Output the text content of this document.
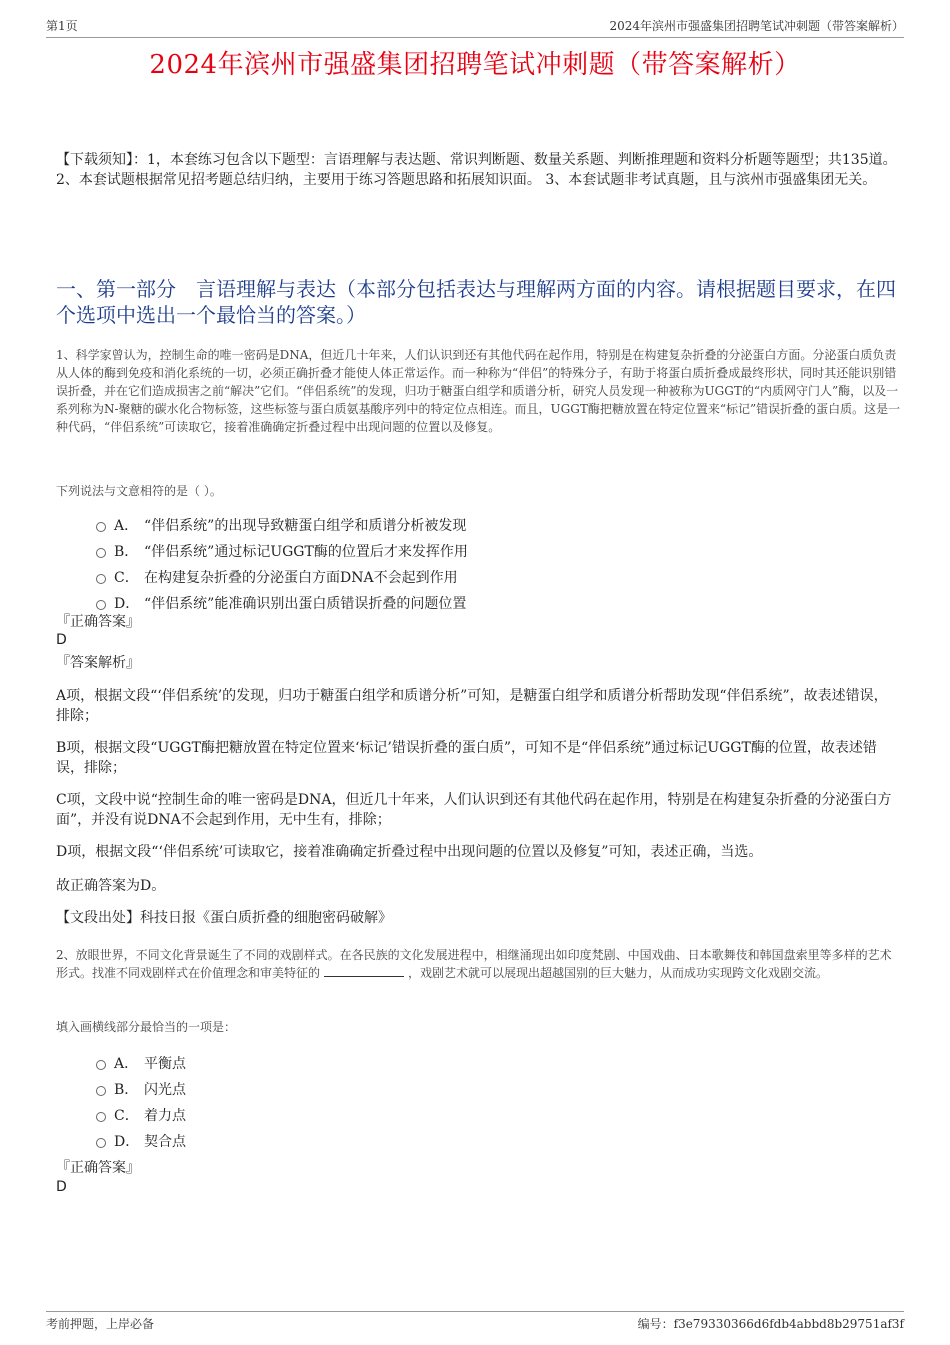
第1页	2024年滨州市强盛集团招聘笔试冲刺题（带答案解析）
2024年滨州市强盛集团招聘笔试冲刺题（带答案解析）
【下载须知】：1，本套练习包含以下题型：言语理解与表达题、常识判断题、数量关系题、判断推理题和资料分析题等题型；共135道。 2、本套试题根据常见招考题总结归纳，主要用于练习答题思路和拓展知识面。 3、本套试题非考试真题，且与滨州市强盛集团无关。
一、第一部分　言语理解与表达（本部分包括表达与理解两方面的内容。请根据题目要求，在四个选项中选出一个最恰当的答案。）
1、科学家曾认为，控制生命的唯一密码是DNA，但近几十年来，人们认识到还有其他代码在起作用，特别是在构建复杂折叠的分泌蛋白方面。分泌蛋白质负责从人体的酶到免疫和消化系统的一切，必须正确折叠才能使人体正常运作。而一种称为“伴侣”的特殊分子，有助于将蛋白质折叠成最终形状，同时其还能识别错误折叠，并在它们造成损害之前“解决”它们。“伴侣系统”的发现，归功于糖蛋白组学和质谱分析，研究人员发现一种被称为UGGT的“内质网守门人”酶，以及一系列称为N-聚糖的碳水化合物标签，这些标签与蛋白质氨基酸序列中的特定位点相连。而且，UGGT酶把糖放置在特定位置来“标记”错误折叠的蛋白质。这是一种代码，“伴侣系统”可读取它，接着准确确定折叠过程中出现问题的位置以及修复。
下列说法与文意相符的是（ ）。
A． “伴侣系统”的出现导致糖蛋白组学和质谱分析被发现
B． “伴侣系统”通过标记UGGT酶的位置后才来发挥作用
C． 在构建复杂折叠的分泌蛋白方面DNA不会起到作用
D． “伴侣系统”能准确识别出蛋白质错误折叠的问题位置
『正确答案』
D
『答案解析』
A项，根据文段“‘伴侣系统’的发现，归功于糖蛋白组学和质谱分析”可知，是糖蛋白组学和质谱分析帮助发现“伴侣系统”，故表述错误，排除；
B项，根据文段“UGGT酶把糖放置在特定位置来‘标记’错误折叠的蛋白质”，可知不是“伴侣系统”通过标记UGGT酶的位置，故表述错误，排除；
C项，文段中说“控制生命的唯一密码是DNA，但近几十年来，人们认识到还有其他代码在起作用，特别是在构建复杂折叠的分泌蛋白方面”，并没有说DNA不会起到作用，无中生有，排除；
D项，根据文段“‘伴侣系统’可读取它，接着准确确定折叠过程中出现问题的位置以及修复”可知，表述正确，当选。
故正确答案为D。
【文段出处】科技日报《蛋白质折叠的细胞密码破解》
2、放眼世界，不同文化背景诞生了不同的戏剧样式。在各民族的文化发展进程中，相继涌现出如印度梵剧、中国戏曲、日本歌舞伎和韩国盘索里等多样的艺术形式。找准不同戏剧样式在价值理念和审美特征的	，戏剧艺术就可以展现出超越国别的巨大魅力，从而成功实现跨文化戏剧交流。
填入画横线部分最恰当的一项是：
A． 平衡点
B． 闪光点
C． 着力点
D． 契合点
『正确答案』
D
考前押题，上岸必备	编号：f3e79330366d6fdb4abbd8b29751af3f
